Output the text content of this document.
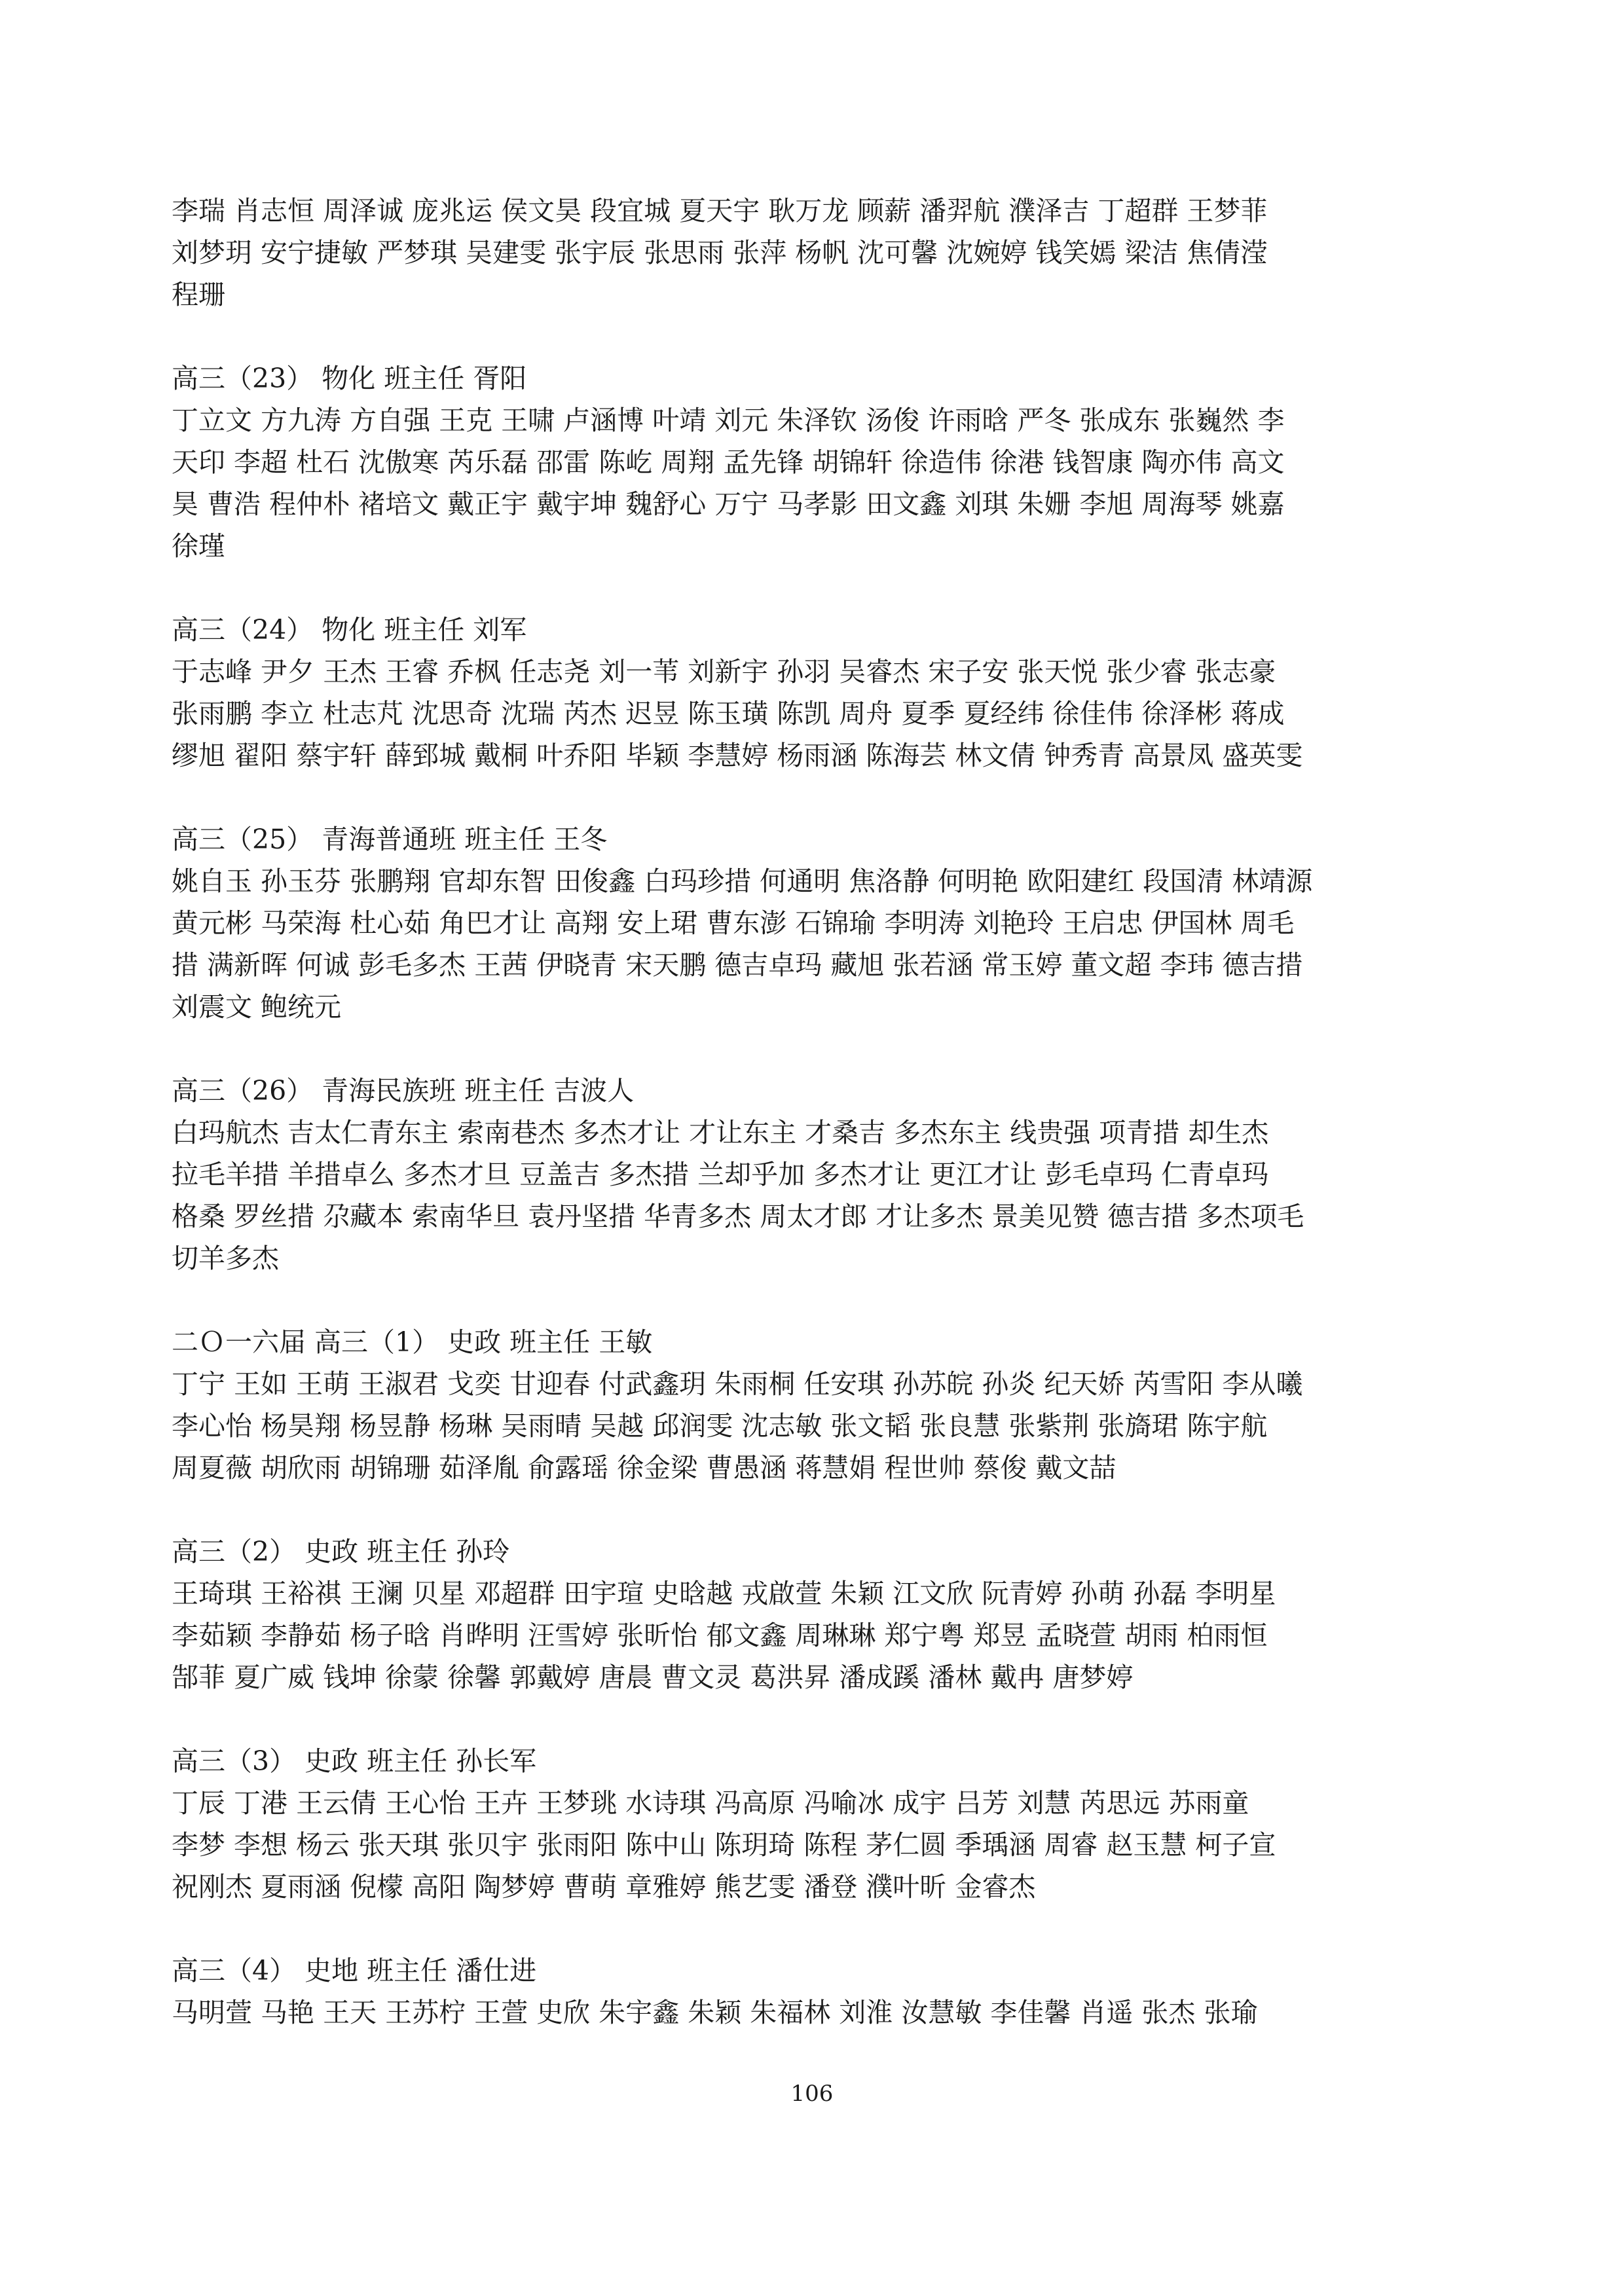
李瑞 肖志恒 周泽诚 庞兆运 侯文昊 段宜城 夏天宇 耿万龙 顾薪 潘羿航 濮泽吉 丁超群 王梦菲
刘梦玥 安宁捷敏 严梦琪 吴建雯 张宇辰 张思雨 张萍 杨帆 沈可馨 沈婉婷 钱笑嫣 梁洁 焦倩滢
程珊
高三（23） 物化 班主任 胥阳
丁立文 方九涛 方自强 王克 王啸 卢涵博 叶靖 刘元 朱泽钦 汤俊 许雨晗 严冬 张成东 张巍然 李
天印 李超 杜石 沈傲寒 芮乐磊 邵雷 陈屹 周翔 孟先锋 胡锦轩 徐造伟 徐港 钱智康 陶亦伟 高文
昊 曹浩 程仲朴 褚培文 戴正宇 戴宇坤 魏舒心 万宁 马孝影 田文鑫 刘琪 朱姗 李旭 周海琴 姚嘉
徐瑾
高三（24） 物化 班主任 刘军
于志峰 尹夕 王杰 王睿 乔枫 任志尧 刘一苇 刘新宇 孙羽 吴睿杰 宋子安 张天悦 张少睿 张志豪
张雨鹏 李立 杜志芃 沈思奇 沈瑞 芮杰 迟昱 陈玉璜 陈凯 周舟 夏季 夏经纬 徐佳伟 徐泽彬 蒋成
缪旭 翟阳 蔡宇轩 薛郅城 戴桐 叶乔阳 毕颖 李慧婷 杨雨涵 陈海芸 林文倩 钟秀青 高景凤 盛英雯
高三（25） 青海普通班 班主任 王冬
姚自玉 孙玉芬 张鹏翔 官却东智 田俊鑫 白玛珍措 何通明 焦洛静 何明艳 欧阳建红 段国清 林靖源
黄元彬 马荣海 杜心茹 角巴才让 高翔 安上珺 曹东澎 石锦瑜 李明涛 刘艳玲 王启忠 伊国林 周毛
措 满新晖 何诚 彭毛多杰 王茜 伊晓青 宋天鹏 德吉卓玛 藏旭 张若涵 常玉婷 董文超 李玮 德吉措
刘震文 鲍统元
高三（26） 青海民族班 班主任 吉波人
白玛航杰 吉太仁青东主 索南巷杰 多杰才让 才让东主 才桑吉 多杰东主 线贵强 项青措 却生杰
拉毛羊措 羊措卓么 多杰才旦 豆盖吉 多杰措 兰却乎加 多杰才让 更江才让 彭毛卓玛 仁青卓玛
格桑 罗丝措 尕藏本 索南华旦 袁丹坚措 华青多杰 周太才郎 才让多杰 景美见赞 德吉措 多杰项毛
切羊多杰
二Ｏ一六届 高三（1） 史政 班主任 王敏
丁宁 王如 王萌 王淑君 戈奕 甘迎春 付武鑫玥 朱雨桐 任安琪 孙苏皖 孙炎 纪天娇 芮雪阳 李从曦
李心怡 杨昊翔 杨昱静 杨琳 吴雨晴 吴越 邱润雯 沈志敏 张文韬 张良慧 张紫荆 张旖珺 陈宇航
周夏薇 胡欣雨 胡锦珊 茹泽胤 俞露瑶 徐金梁 曹愚涵 蒋慧娟 程世帅 蔡俊 戴文喆
高三（2） 史政 班主任 孙玲
王琦琪 王裕祺 王澜 贝星 邓超群 田宇瑄 史晗越 戎啟萱 朱颖 江文欣 阮青婷 孙萌 孙磊 李明星
李茹颖 李静茹 杨子晗 肖晔明 汪雪婷 张昕怡 郁文鑫 周琳琳 郑宁粤 郑昱 孟晓萱 胡雨 柏雨恒
郜菲 夏广威 钱坤 徐蒙 徐馨 郭戴婷 唐晨 曹文灵 葛洪昇 潘成蹊 潘林 戴冉 唐梦婷
高三（3） 史政 班主任 孙长军
丁辰 丁港 王云倩 王心怡 王卉 王梦珧 水诗琪 冯高原 冯喻冰 成宇 吕芳 刘慧 芮思远 苏雨童
李梦 李想 杨云 张天琪 张贝宇 张雨阳 陈中山 陈玥琦 陈程 茅仁圆 季瑀涵 周睿 赵玉慧 柯子宣
祝刚杰 夏雨涵 倪檬 高阳 陶梦婷 曹萌 章雅婷 熊艺雯 潘登 濮叶昕 金睿杰
高三（4） 史地 班主任 潘仕进
马明萱 马艳 王天 王苏柠 王萱 史欣 朱宇鑫 朱颖 朱福林 刘淮 汝慧敏 李佳馨 肖遥 张杰 张瑜
106
